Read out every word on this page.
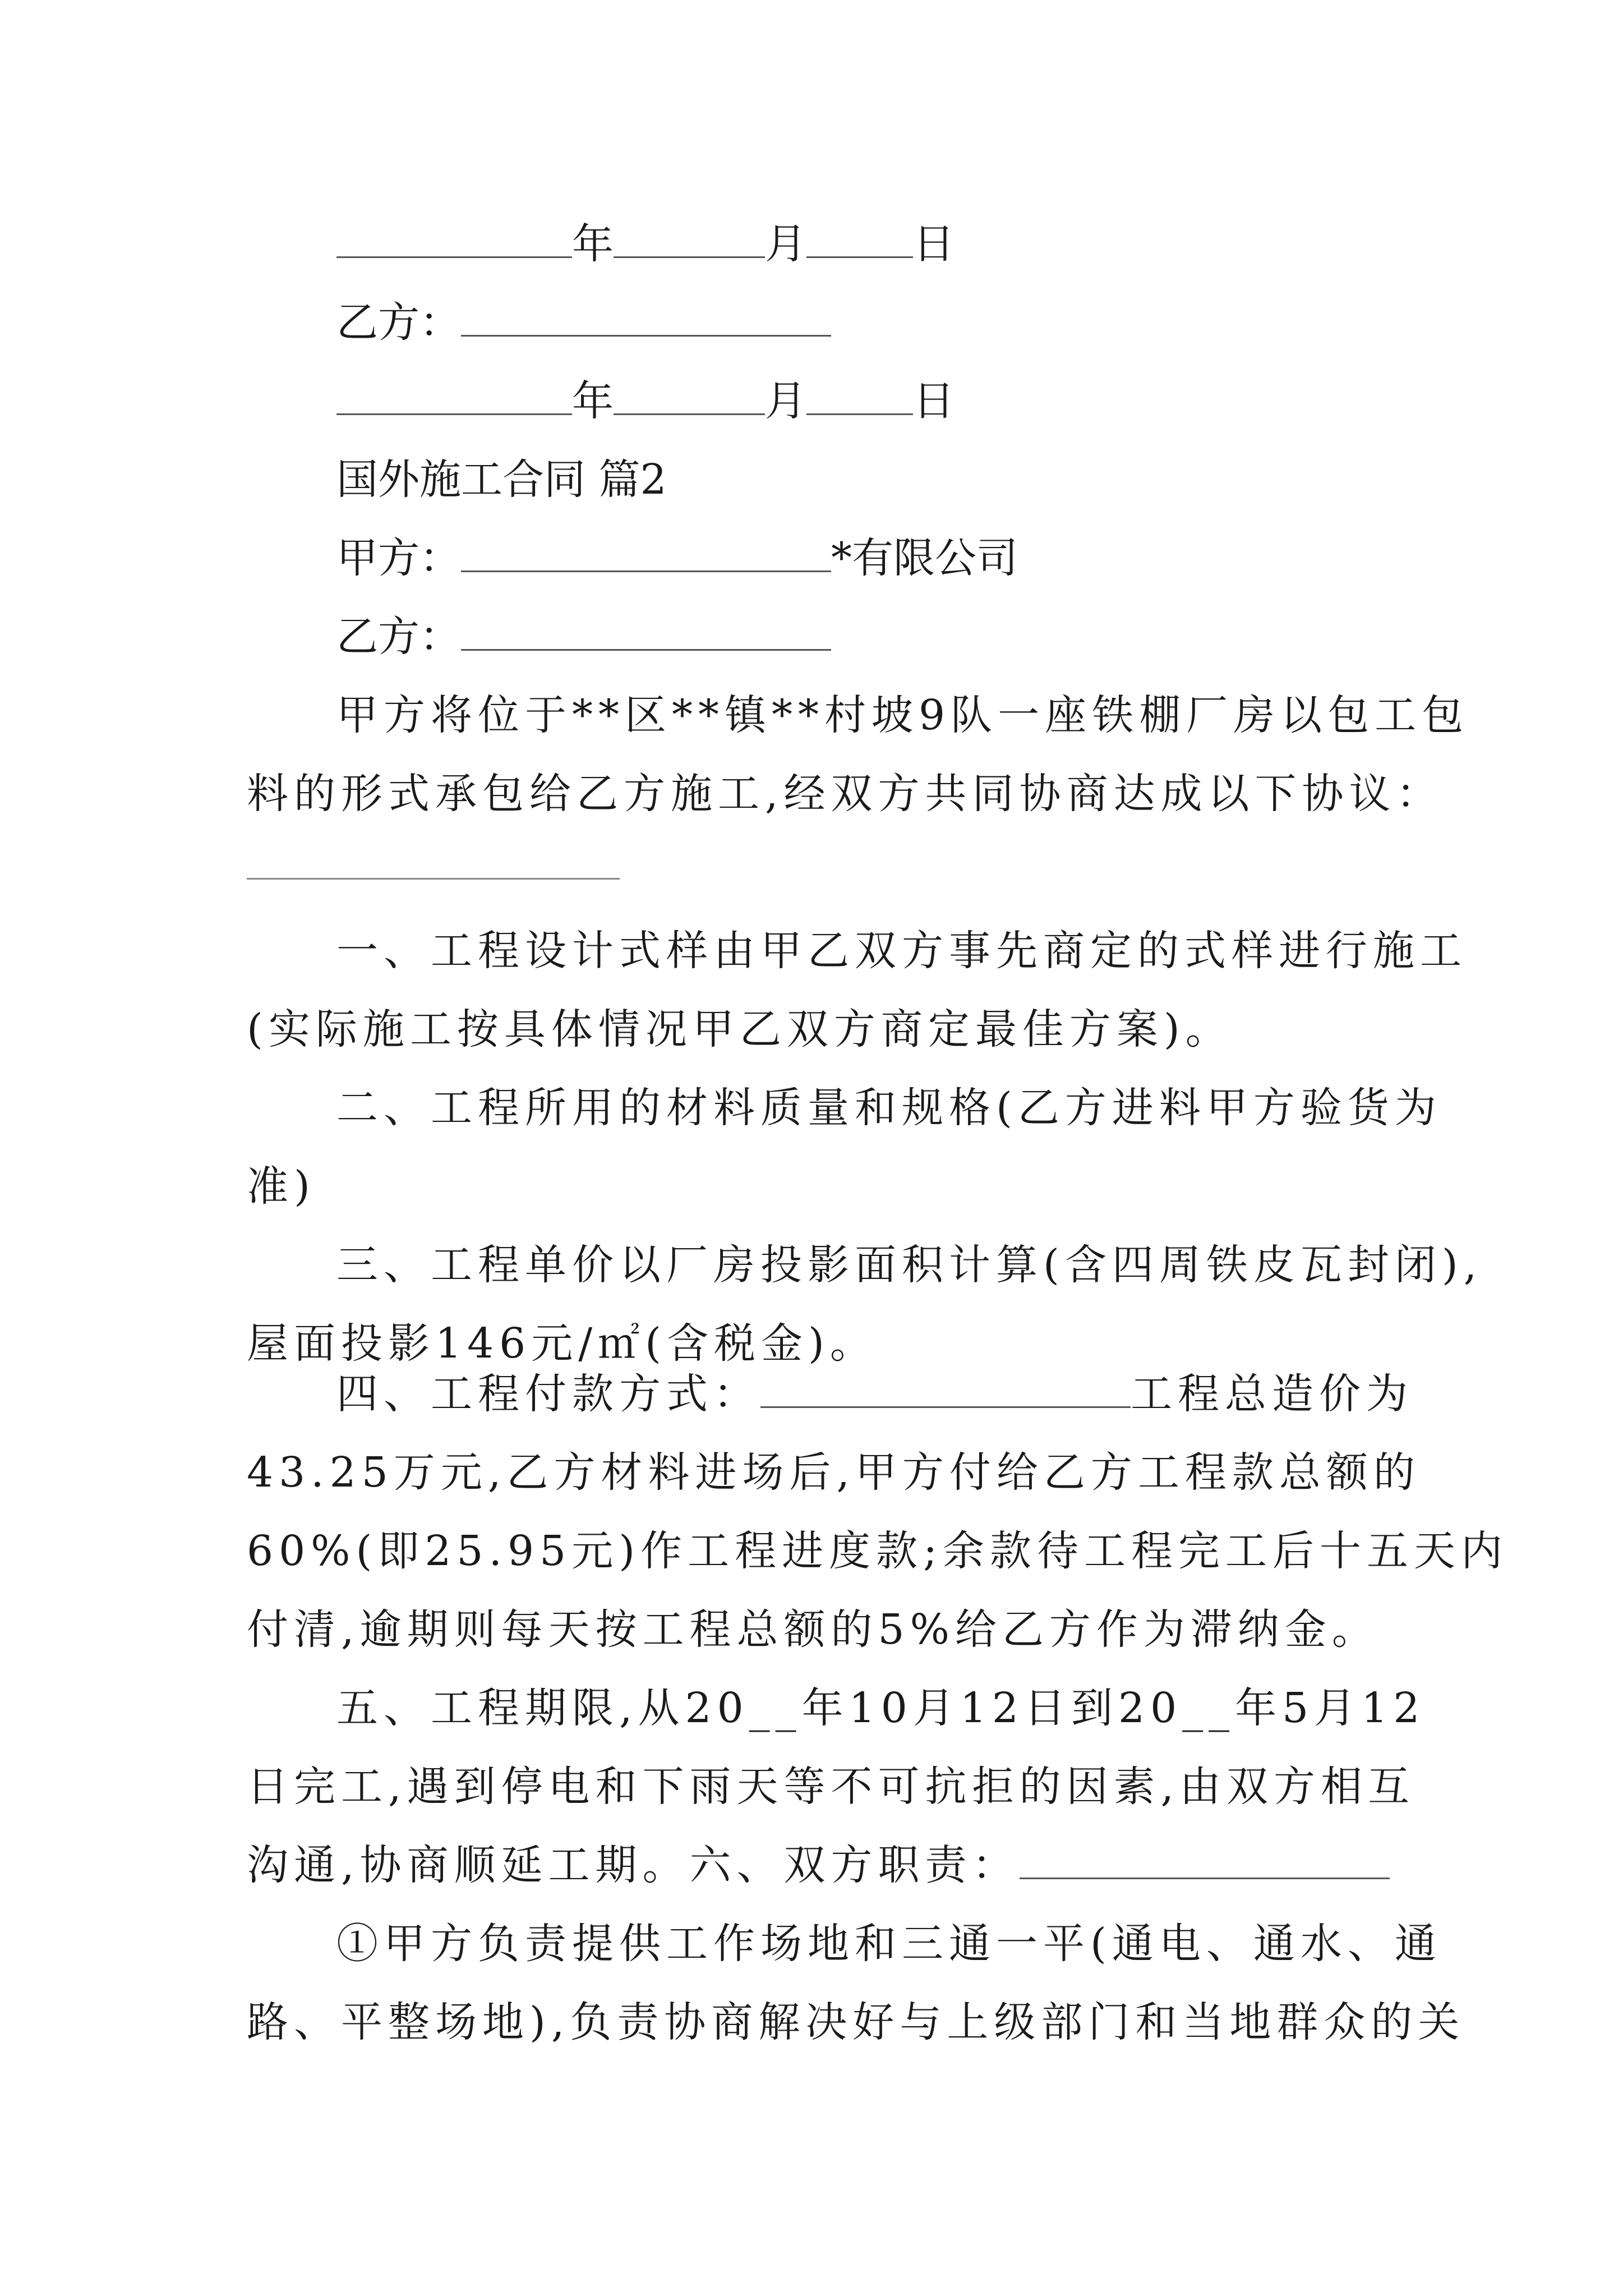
年	月	日
乙方：
年	月	日
国外施工合同 篇2
甲方：	*有限公司
乙方：
甲方将位于**区**镇**村坡9队一座铁棚厂房以包工包
料的形式承包给乙方施工,经双方共同协商达成以下协议：
一、工程设计式样由甲乙双方事先商定的式样进行施工
(实际施工按具体情况甲乙双方商定最佳方案)。
二、工程所用的材料质量和规格(乙方进料甲方验货为
准)
三、工程单价以厂房投影面积计算(含四周铁皮瓦封闭),
屋面投影146元/㎡(含税金)。
四、工程付款方式：	工程总造价为
43.25万元,乙方材料进场后,甲方付给乙方工程款总额的
60%(即25.95元)作工程进度款;余款待工程完工后十五天内
付清,逾期则每天按工程总额的5%给乙方作为滞纳金。
五、工程期限,从20__年10月12日到20__年5月12
日完工,遇到停电和下雨天等不可抗拒的因素,由双方相互
沟通,协商顺延工期。六、双方职责：
①甲方负责提供工作场地和三通一平(通电、通水、通
路、平整场地),负责协商解决好与上级部门和当地群众的关
